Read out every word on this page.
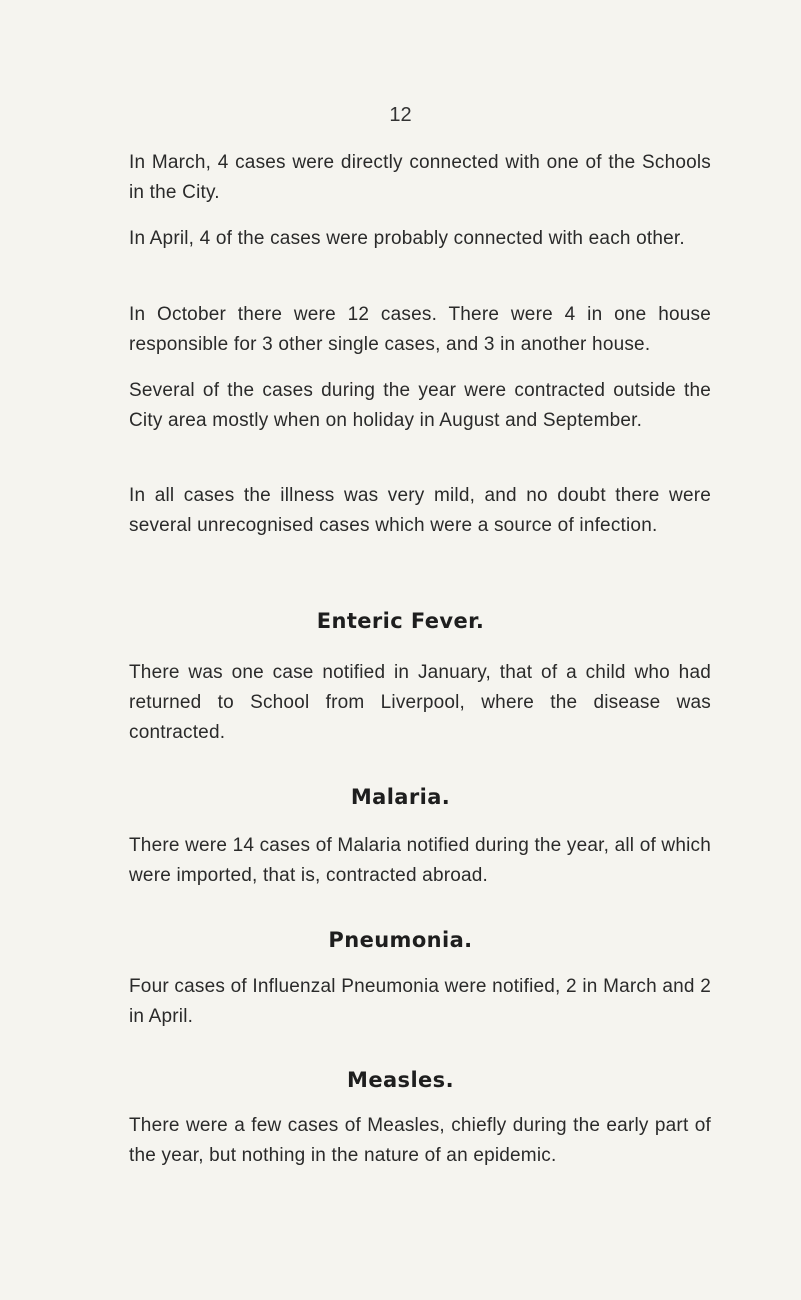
12

In March, 4 cases were directly connected with one of the Schools in the City.

In April, 4 of the cases were probably connected with each other.

In October there were 12 cases. There were 4 in one house responsible for 3 other single cases, and 3 in another house.

Several of the cases during the year were contracted outside the City area mostly when on holiday in August and September.

In all cases the illness was very mild, and no doubt there were several unrecognised cases which were a source of infection.

Enteric Fever.

There was one case notified in January, that of a child who had returned to School from Liverpool, where the disease was contracted.

Malaria.

There were 14 cases of Malaria notified during the year, all of which were imported, that is, contracted abroad.

Pneumonia.

Four cases of Influenzal Pneumonia were notified, 2 in March and 2 in April.

Measles.

There were a few cases of Measles, chiefly during the early part of the year, but nothing in the nature of an epidemic.
